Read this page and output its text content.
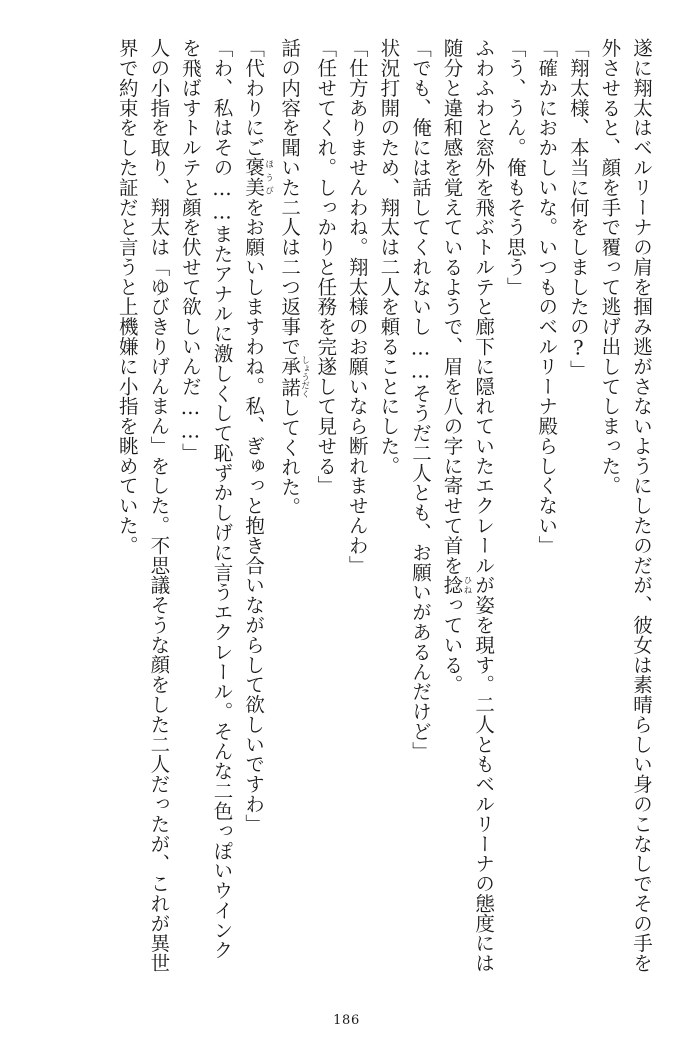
遂に翔太はベルリーナの肩を掴み逃がさないようにしたのだが、彼女は素晴らしい身のこなしでその手を外させると、顔を手で覆って逃げ出してしまった。
「翔太様、本当に何をしましたの?」
「確かにおかしいな。いつものベルリーナ殿らしくない」
「う、うん。俺もそう思う」
ふわふわと窓外を飛ぶトルテと廊下に隠れていたエクレールが姿を現す。二人ともベルリーナの態度には随分と違和感を覚えているようで、眉を八の字に寄せて首を捻ひねっている。
「でも、俺には話してくれないし……そうだ二人とも、お願いがあるんだけど」
状況打開のため、翔太は二人を頼ることにした。
「仕方ありませんわね。翔太様のお願いなら断れませんわ」
「任せてくれ。しっかりと任務を完遂して見せる」
話の内容を聞いた二人は二つ返事で承諾しょうだくしてくれた。
「代わりにご褒美ほうびをお願いしますわね。私、ぎゅっと抱き合いながらして欲しいですわ」
「わ、私はその……またアナルに激しくして恥ずかしげに言うエクレール。そんな二色っぽいウインクを飛ばすトルテと顔を伏せて欲しいんだ……」
人の小指を取り、翔太は「ゆびきりげんまん」をした。不思議そうな顔をした二人だったが、これが異世界で約束をした証だと言うと上機嫌に小指を眺めていた。
186
